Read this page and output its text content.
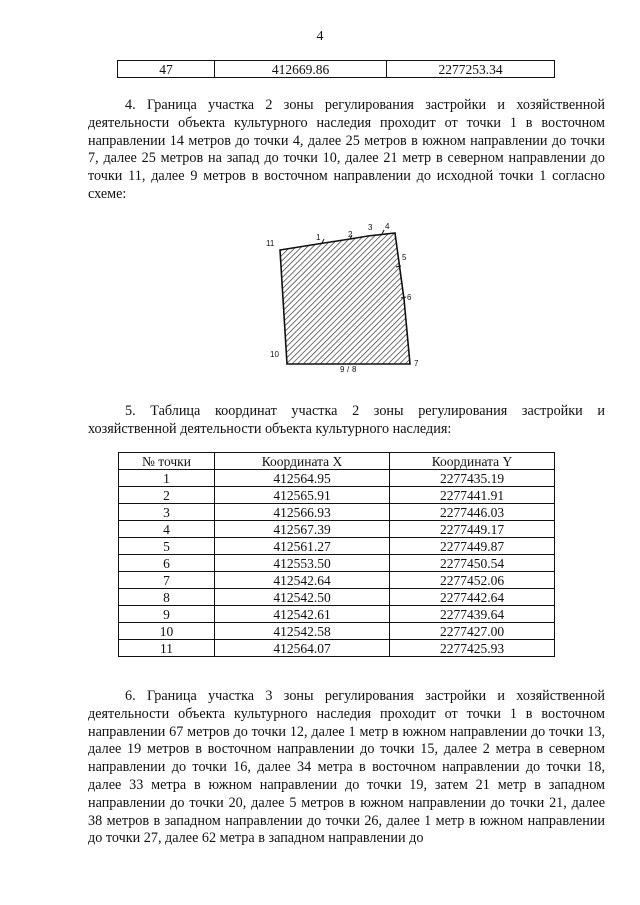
4
47	412669.86	2277253.34

4. Граница участка 2 зоны регулирования застройки и хозяйственной деятельности объекта культурного наследия проходит от точки 1 в восточном направлении 14 метров до точки 4, далее 25 метров в южном направлении до точки 7, далее 25 метров на запад до точки 10, далее 21 метр в северном направлении до точки 11, далее 9 метров в восточном направлении до исходной точки 1 согласно схеме:

11
1	2
3 4
5
6
7
8
9 /
10

5. Таблица координат участка 2 зоны регулирования застройки и хозяйственной деятельности объекта культурного наследия:

№ точки	Координата X	Координата Y
1	412564.95	2277435.19
2	412565.91	2277441.91
3	412566.93	2277446.03
4	412567.39	2277449.17
5	412561.27	2277449.87
6	412553.50	2277450.54
7	412542.64	2277452.06
8	412542.50	2277442.64
9	412542.61	2277439.64
10	412542.58	2277427.00
11	412564.07	2277425.93

6. Граница участка 3 зоны регулирования застройки и хозяйственной деятельности объекта культурного наследия проходит от точки 1 в восточном направлении 67 метров до точки 12, далее 1 метр в южном направлении до точки 13, далее 19 метров в восточном направлении до точки 15, далее 2 метра в северном направлении до точки 16, далее 34 метра в восточном направлении до точки 18, далее 33 метра в южном направлении до точки 19, затем 21 метр в западном направлении до точки 20, далее 5 метров в южном направлении до точки 21, далее 38 метров в западном направлении до точки 26, далее 1 метр в южном направлении до точки 27, далее 62 метра в западном направлении до
